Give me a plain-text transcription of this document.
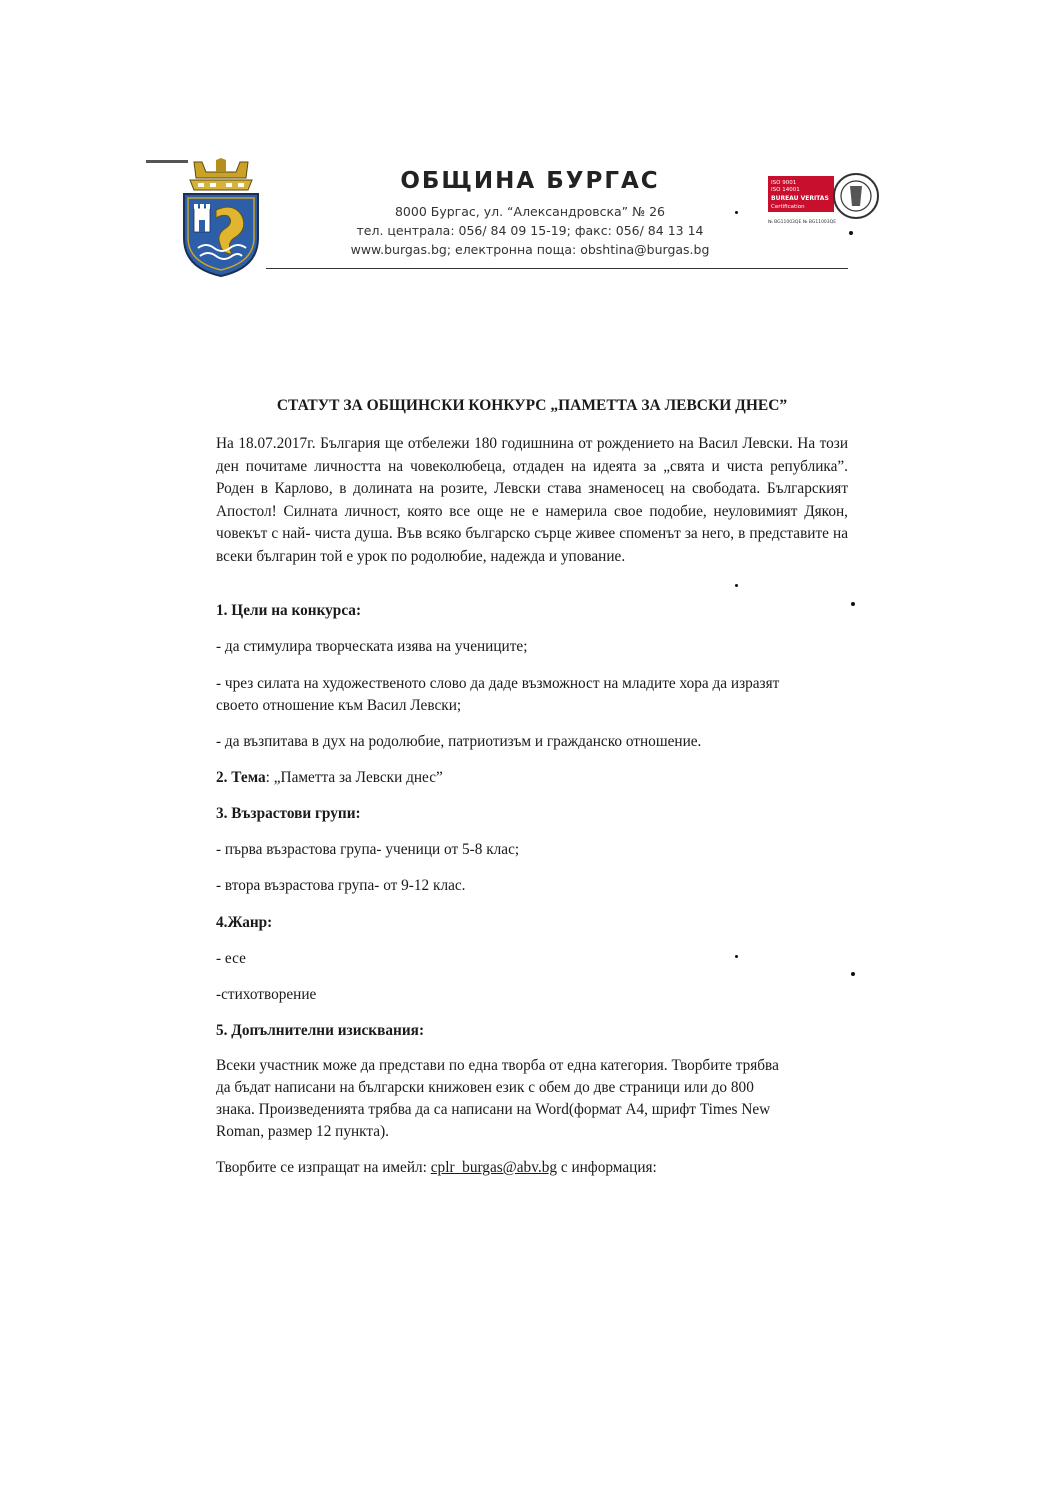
ОБЩИНА БУРГАС
8000 Бургас, ул. “Александровска” № 26
тел. централа: 056/ 84 09 15-19; факс: 056/ 84 13 14
www.burgas.bg; електронна поща: obshtina@burgas.bg
ISO 9001
ISO 14001
BUREAU VERITAS
Certification
№ BG11003QE № BG11003QE
СТАТУТ ЗА ОБЩИНСКИ КОНКУРС „ПАМЕТТА ЗА ЛЕВСКИ ДНЕС”

На 18.07.2017г. България ще отбележи 180 годишнина от рождението на Васил Левски. На този ден почитаме личността на човеколюбеца, отдаден на идеята за „свята и чиста република”. Роден в Карлово, в долината на розите, Левски става знаменосец на свободата. Българският Апостол! Силната личност, която все още не е намерила свое подобие, неуловимият Дякон, човекът с най- чиста душа. Във всяко българско сърце живее споменът за него, в представите на всеки българин той е урок по родолюбие, надежда и упование.

1. Цели на конкурса:

- да стимулира творческата изява на учениците;

- чрез силата на художественото слово да даде възможност на младите хора да изразят

своето отношение към Васил Левски;

- да възпитава в дух на родолюбие, патриотизъм и гражданско отношение.

2. Тема: „Паметта за Левски днес”

3. Възрастови групи:

- първа възрастова група- ученици от 5-8 клас;

- втора възрастова група- от 9-12 клас.

4.Жанр:

- есе

-стихотворение

5. Допълнителни изисквания:

Всеки участник може да представи по една творба от една категория. Творбите трябва

да бъдат написани на български книжовен език с обем до две страници или до 800

знака. Произведенията трябва да са написани на Word(формат А4, шрифт Times New

Roman, размер 12 пункта).

Творбите се изпращат на имейл: cplr_burgas@abv.bg с информация:
